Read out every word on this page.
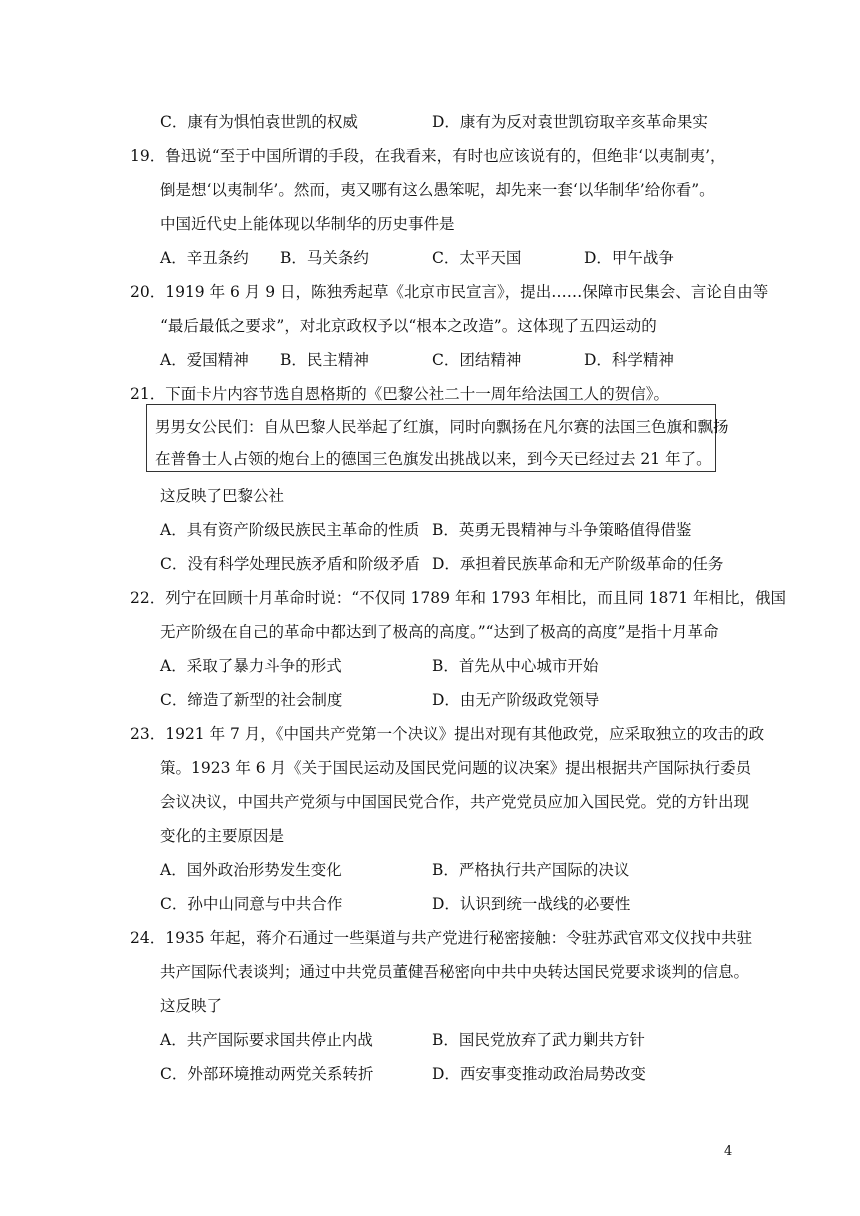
C．康有为惧怕袁世凯的权威	D．康有为反对袁世凯窃取辛亥革命果实
19．鲁迅说“至于中国所谓的手段，在我看来，有时也应该说有的，但绝非‘以夷制夷’，
倒是想‘以夷制华’。然而，夷又哪有这么愚笨呢，却先来一套‘以华制华’给你看”。
中国近代史上能体现以华制华的历史事件是
A．辛丑条约 B．马关条约	C．太平天国	D．甲午战争
20．1919 年 6 月 9 日，陈独秀起草《北京市民宣言》，提出……保障市民集会、言论自由等
“最后最低之要求”，对北京政权予以“根本之改造”。这体现了五四运动的
A．爱国精神 B．民主精神	C．团结精神	D．科学精神
21．下面卡片内容节选自恩格斯的《巴黎公社二十一周年给法国工人的贺信》。
男男女公民们：自从巴黎人民举起了红旗，同时向飘扬在凡尔赛的法国三色旗和飘扬
在普鲁士人占领的炮台上的德国三色旗发出挑战以来，到今天已经过去 21 年了。
这反映了巴黎公社
A．具有资产阶级民族民主革命的性质 B．英勇无畏精神与斗争策略值得借鉴
C．没有科学处理民族矛盾和阶级矛盾 D．承担着民族革命和无产阶级革命的任务
22．列宁在回顾十月革命时说：“不仅同 1789 年和 1793 年相比，而且同 1871 年相比，俄国
无产阶级在自己的革命中都达到了极高的高度。”“达到了极高的高度”是指十月革命
A．采取了暴力斗争的形式	B．首先从中心城市开始
C．缔造了新型的社会制度	D．由无产阶级政党领导
23．1921 年 7 月，《中国共产党第一个决议》提出对现有其他政党，应采取独立的攻击的政
策。1923 年 6 月《关于国民运动及国民党问题的议决案》提出根据共产国际执行委员
会议决议，中国共产党须与中国国民党合作，共产党党员应加入国民党。党的方针出现
变化的主要原因是
A．国外政治形势发生变化	B．严格执行共产国际的决议
C．孙中山同意与中共合作	D．认识到统一战线的必要性
24．1935 年起，蒋介石通过一些渠道与共产党进行秘密接触：令驻苏武官邓文仪找中共驻
共产国际代表谈判；通过中共党员董健吾秘密向中共中央转达国民党要求谈判的信息。
这反映了
A．共产国际要求国共停止内战	B．国民党放弃了武力剿共方针
C．外部环境推动两党关系转折	D．西安事变推动政治局势改变
4
